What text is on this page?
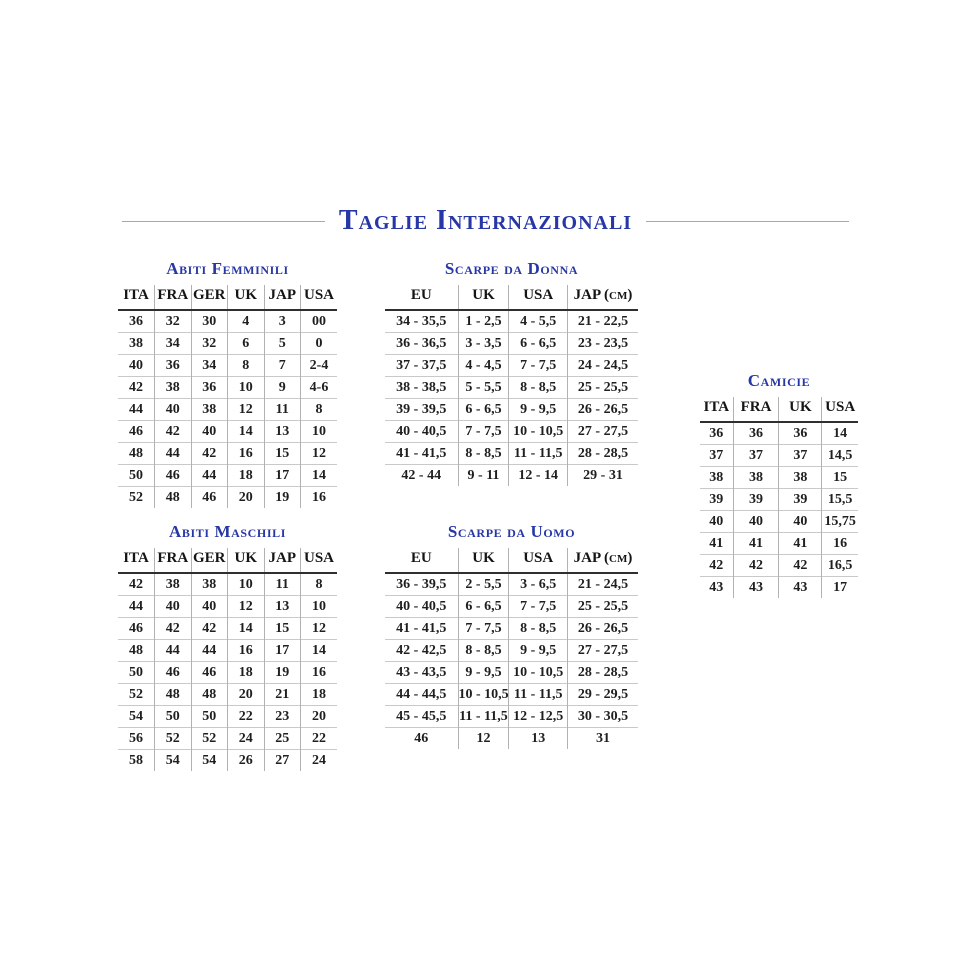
Taglie Internazionali
Abiti Femminili
ITA	FRA	GER	UK	JAP	USA
36	32	30	4	3	00
38	34	32	6	5	0
40	36	34	8	7	2-4
42	38	36	10	9	4-6
44	40	38	12	11	8
46	42	40	14	13	10
48	44	42	16	15	12
50	46	44	18	17	14
52	48	46	20	19	16
Scarpe da Donna
EU	UK	USA	JAP (cm)
34 - 35,5	1 - 2,5	4 - 5,5	21 - 22,5
36 - 36,5	3 - 3,5	6 - 6,5	23 - 23,5
37 - 37,5	4 - 4,5	7 - 7,5	24 - 24,5
38 - 38,5	5 - 5,5	8 - 8,5	25 - 25,5
39 - 39,5	6 - 6,5	9 - 9,5	26 - 26,5
40 - 40,5	7 - 7,5	10 - 10,5	27 - 27,5
41 - 41,5	8 - 8,5	11 - 11,5	28 - 28,5
42 - 44	9 - 11	12 - 14	29 - 31
Camicie
ITA	FRA	UK	USA
36	36	36	14
37	37	37	14,5
38	38	38	15
39	39	39	15,5
40	40	40	15,75
41	41	41	16
42	42	42	16,5
43	43	43	17
Abiti Maschili
ITA	FRA	GER	UK	JAP	USA
42	38	38	10	11	8
44	40	40	12	13	10
46	42	42	14	15	12
48	44	44	16	17	14
50	46	46	18	19	16
52	48	48	20	21	18
54	50	50	22	23	20
56	52	52	24	25	22
58	54	54	26	27	24
Scarpe da Uomo
EU	UK	USA	JAP (cm)
36 - 39,5	2 - 5,5	3 - 6,5	21 - 24,5
40 - 40,5	6 - 6,5	7 - 7,5	25 - 25,5
41 - 41,5	7 - 7,5	8 - 8,5	26 - 26,5
42 - 42,5	8 - 8,5	9 - 9,5	27 - 27,5
43 - 43,5	9 - 9,5	10 - 10,5	28 - 28,5
44 - 44,5	10 - 10,5	11 - 11,5	29 - 29,5
45 - 45,5	11 - 11,5	12 - 12,5	30 - 30,5
46	12	13	31
